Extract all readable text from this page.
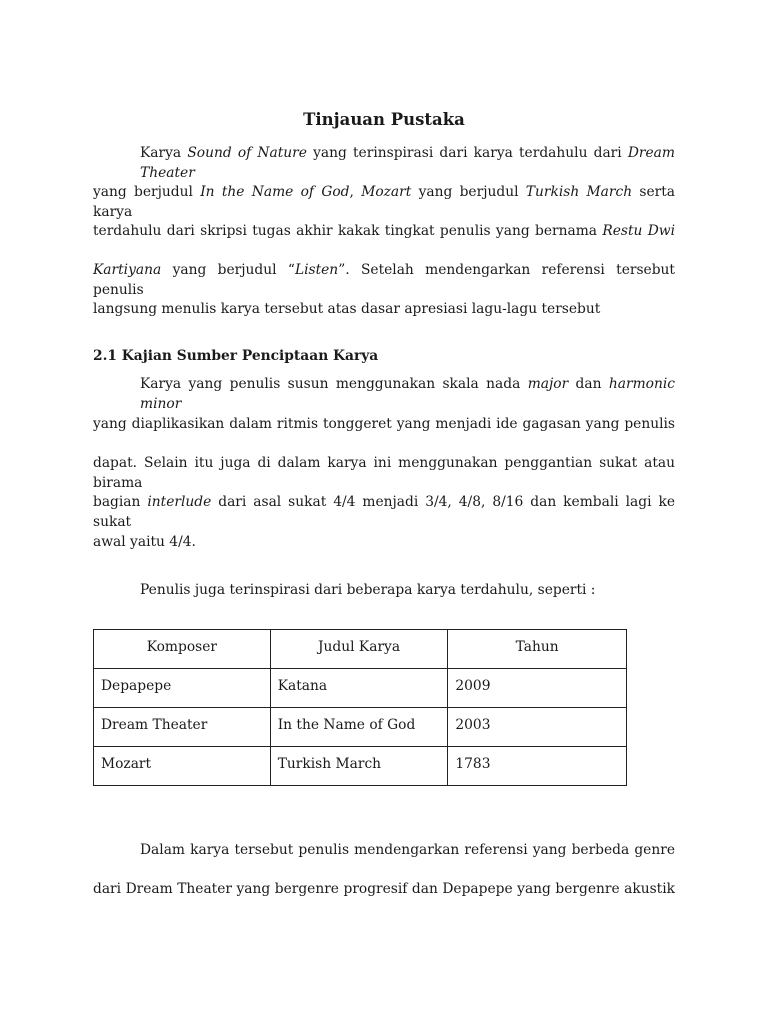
Tinjauan Pustaka
Karya Sound of Nature yang terinspirasi dari karya terdahulu dari Dream Theater
yang berjudul In the Name of God, Mozart yang berjudul Turkish March serta karya
terdahulu dari skripsi tugas akhir kakak tingkat penulis yang bernama Restu Dwi
Kartiyana yang berjudul “Listen”. Setelah mendengarkan referensi tersebut penulis
langsung menulis karya tersebut atas dasar apresiasi lagu-lagu tersebut
2.1 Kajian Sumber Penciptaan Karya
Karya yang penulis susun menggunakan skala nada major dan harmonic minor
yang diaplikasikan dalam ritmis tonggeret yang menjadi ide gagasan yang penulis
dapat. Selain itu juga di dalam karya ini menggunakan penggantian sukat atau birama
bagian interlude dari asal sukat 4/4 menjadi 3/4, 4/8, 8/16 dan kembali lagi ke sukat
awal yaitu 4/4.
Penulis juga terinspirasi dari beberapa karya terdahulu, seperti :
Komposer	Judul Karya	Tahun
Depapepe	Katana	2009
Dream Theater	In the Name of God	2003
Mozart	Turkish March	1783
Dalam karya tersebut penulis mendengarkan referensi yang berbeda genre
dari Dream Theater yang bergenre progresif dan Depapepe yang bergenre akustik
